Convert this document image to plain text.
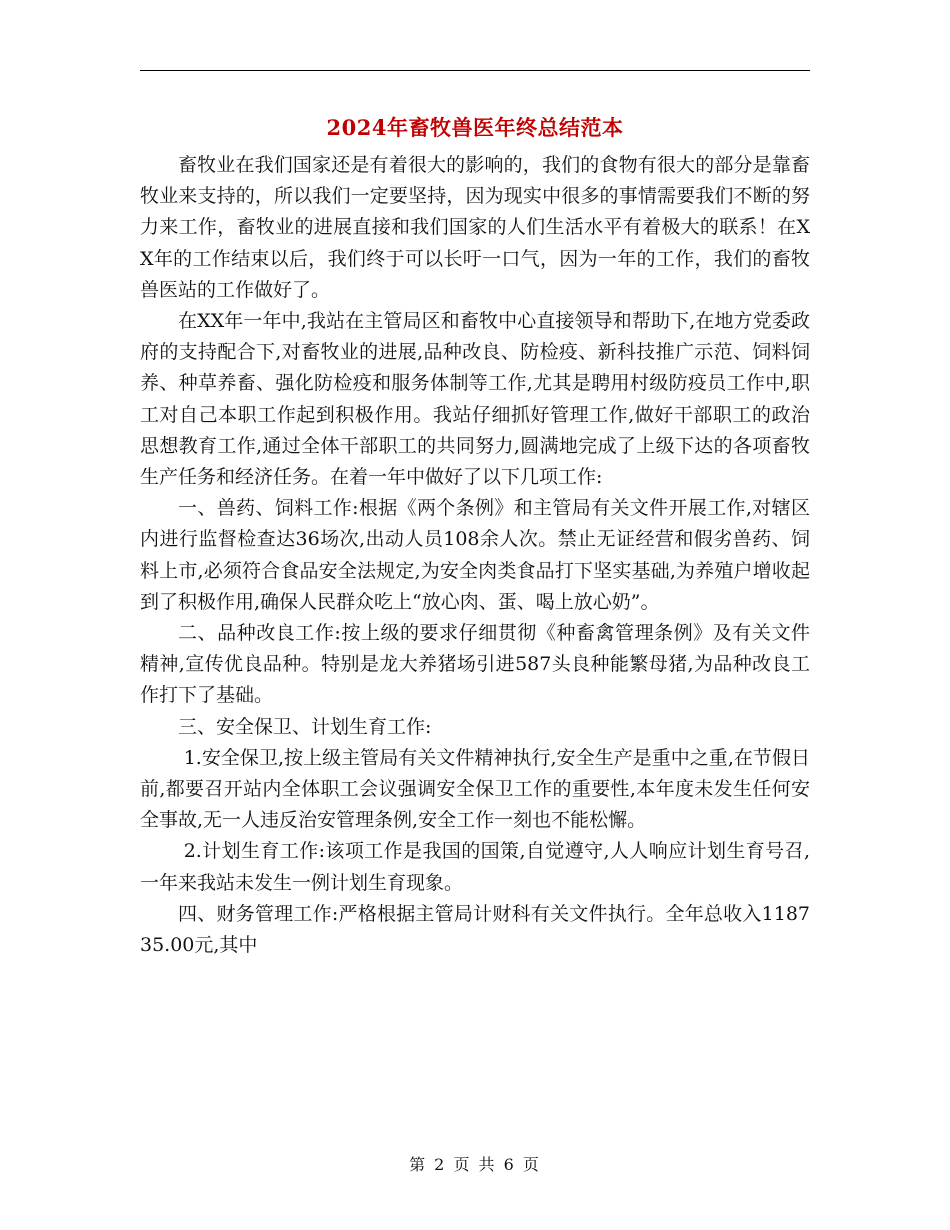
2024年畜牧兽医年终总结范本

畜牧业在我们国家还是有着很大的影响的，我们的食物有很大的部分是靠畜牧业来支持的，所以我们一定要坚持，因为现实中很多的事情需要我们不断的努力来工作，畜牧业的进展直接和我们国家的人们生活水平有着极大的联系！在XX年的工作结束以后，我们终于可以长吁一口气，因为一年的工作，我们的畜牧兽医站的工作做好了。

在XX年一年中,我站在主管局区和畜牧中心直接领导和帮助下,在地方党委政府的支持配合下,对畜牧业的进展,品种改良、防检疫、新科技推广示范、饲料饲养、种草养畜、强化防检疫和服务体制等工作,尤其是聘用村级防疫员工作中,职工对自己本职工作起到积极作用。我站仔细抓好管理工作,做好干部职工的政治思想教育工作,通过全体干部职工的共同努力,圆满地完成了上级下达的各项畜牧生产任务和经济任务。在着一年中做好了以下几项工作:

一、兽药、饲料工作:根据《两个条例》和主管局有关文件开展工作,对辖区内进行监督检查达36场次,出动人员108余人次。禁止无证经营和假劣兽药、饲料上市,必须符合食品安全法规定,为安全肉类食品打下坚实基础,为养殖户增收起到了积极作用,确保人民群众吃上“放心肉、蛋、喝上放心奶”。

二、品种改良工作:按上级的要求仔细贯彻《种畜禽管理条例》及有关文件精神,宣传优良品种。特别是龙大养猪场引进587头良种能繁母猪,为品种改良工作打下了基础。

三、安全保卫、计划生育工作:

1.安全保卫,按上级主管局有关文件精神执行,安全生产是重中之重,在节假日前,都要召开站内全体职工会议强调安全保卫工作的重要性,本年度未发生任何安全事故,无一人违反治安管理条例,安全工作一刻也不能松懈。

2.计划生育工作:该项工作是我国的国策,自觉遵守,人人响应计划生育号召,一年来我站未发生一例计划生育现象。

四、财务管理工作:严格根据主管局计财科有关文件执行。全年总收入118735.00元,其中

第 2 页 共 6 页
